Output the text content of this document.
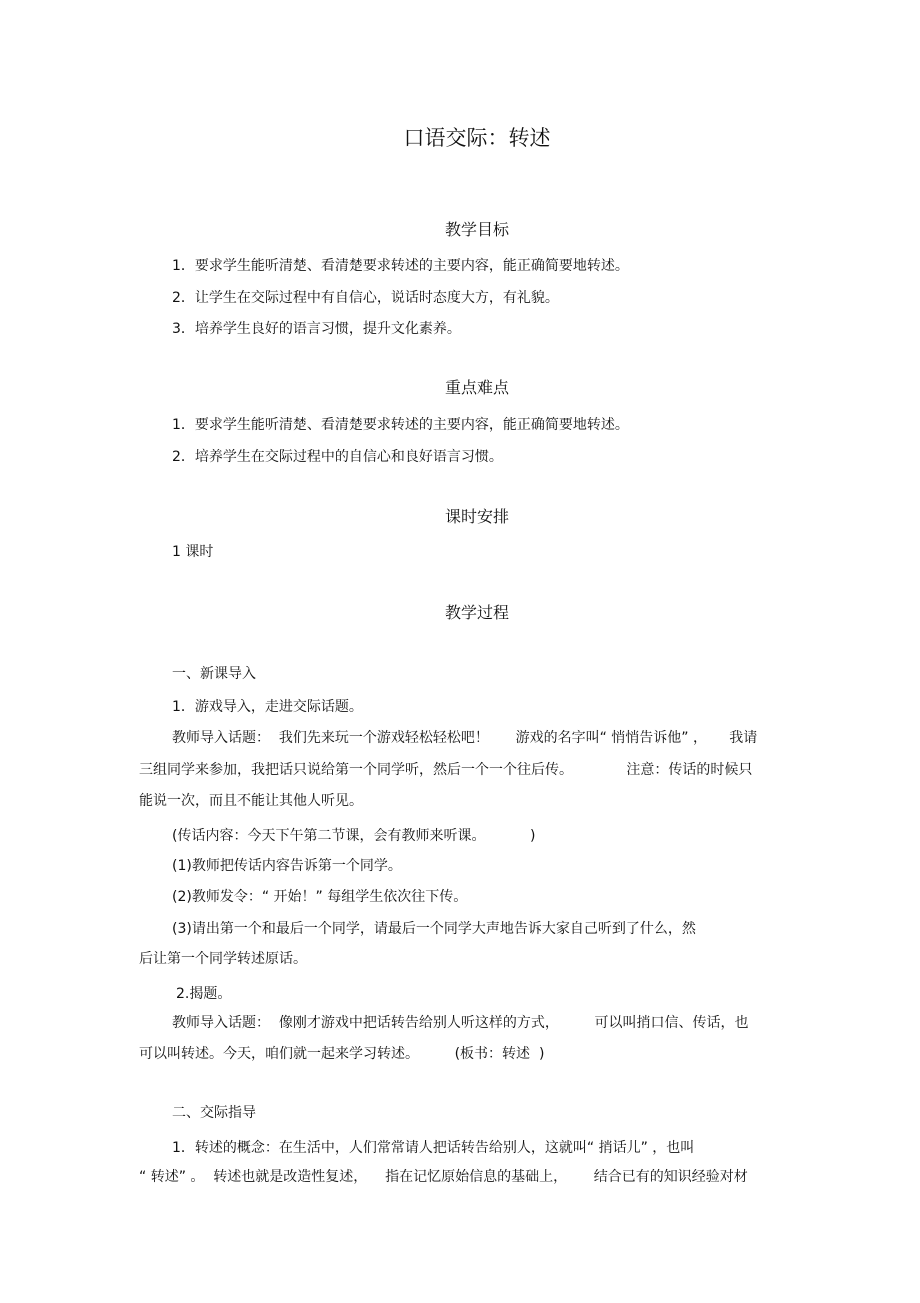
口语交际：转述
教学目标
1．要求学生能听清楚、看清楚要求转述的主要内容，能正确简要地转述。
2．让学生在交际过程中有自信心，说话时态度大方，有礼貌。
3．培养学生良好的语言习惯，提升文化素养。
重点难点
1．要求学生能听清楚、看清楚要求转述的主要内容，能正确简要地转述。
2．培养学生在交际过程中的自信心和良好语言习惯。
课时安排
1 课时
教学过程
一、新课导入
1．游戏导入，走进交际话题。
教师导入话题：  我们先来玩一个游戏轻松轻松吧！      游戏的名字叫“ 悄悄告诉他” ，     我请
三组同学来参加，我把话只说给第一个同学听，然后一个一个往后传。            注意：传话的时候只
能说一次，而且不能让其他人听见。
(传话内容：今天下午第二节课，会有教师来听课。          )
(1)教师把传话内容告诉第一个同学。
(2)教师发令：“ 开始！” 每组学生依次往下传。
(3)请出第一个和最后一个同学，请最后一个同学大声地告诉大家自己听到了什么，然
后让第一个同学转述原话。
2.揭题。
教师导入话题：  像刚才游戏中把话转告给别人听这样的方式，        可以叫捎口信、传话，也
可以叫转述。今天，咱们就一起来学习转述。        (板书：转述  )
二、交际指导
1．转述的概念：在生活中，人们常常请人把话转告给别人，这就叫“ 捎话儿” ，也叫
“ 转述” 。  转述也就是改造性复述，    指在记忆原始信息的基础上，      结合已有的知识经验对材
